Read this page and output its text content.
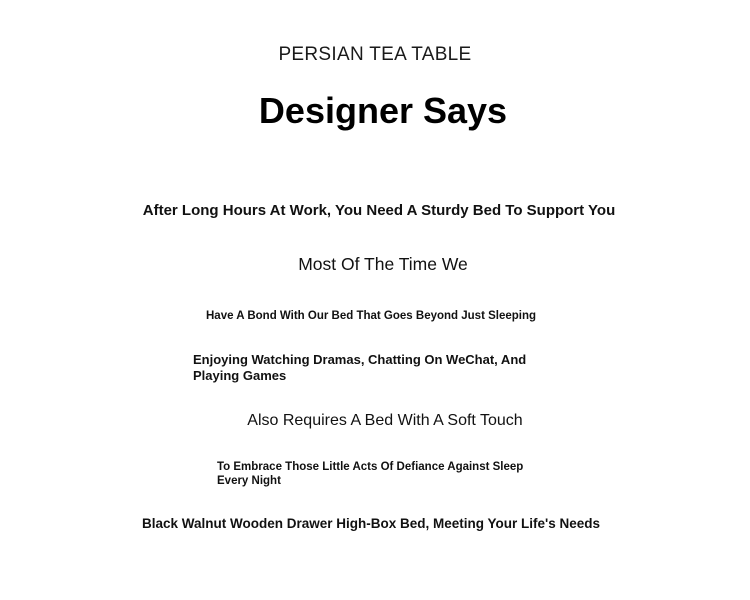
PERSIAN TEA TABLE
Designer Says
After Long Hours At Work, You Need A Sturdy Bed To Support You
Most Of The Time We
Have A Bond With Our Bed That Goes Beyond Just Sleeping
Enjoying Watching Dramas, Chatting On WeChat, And Playing Games
Also Requires A Bed With A Soft Touch
To Embrace Those Little Acts Of Defiance Against Sleep Every Night
Black Walnut Wooden Drawer High-Box Bed, Meeting Your Life's Needs
